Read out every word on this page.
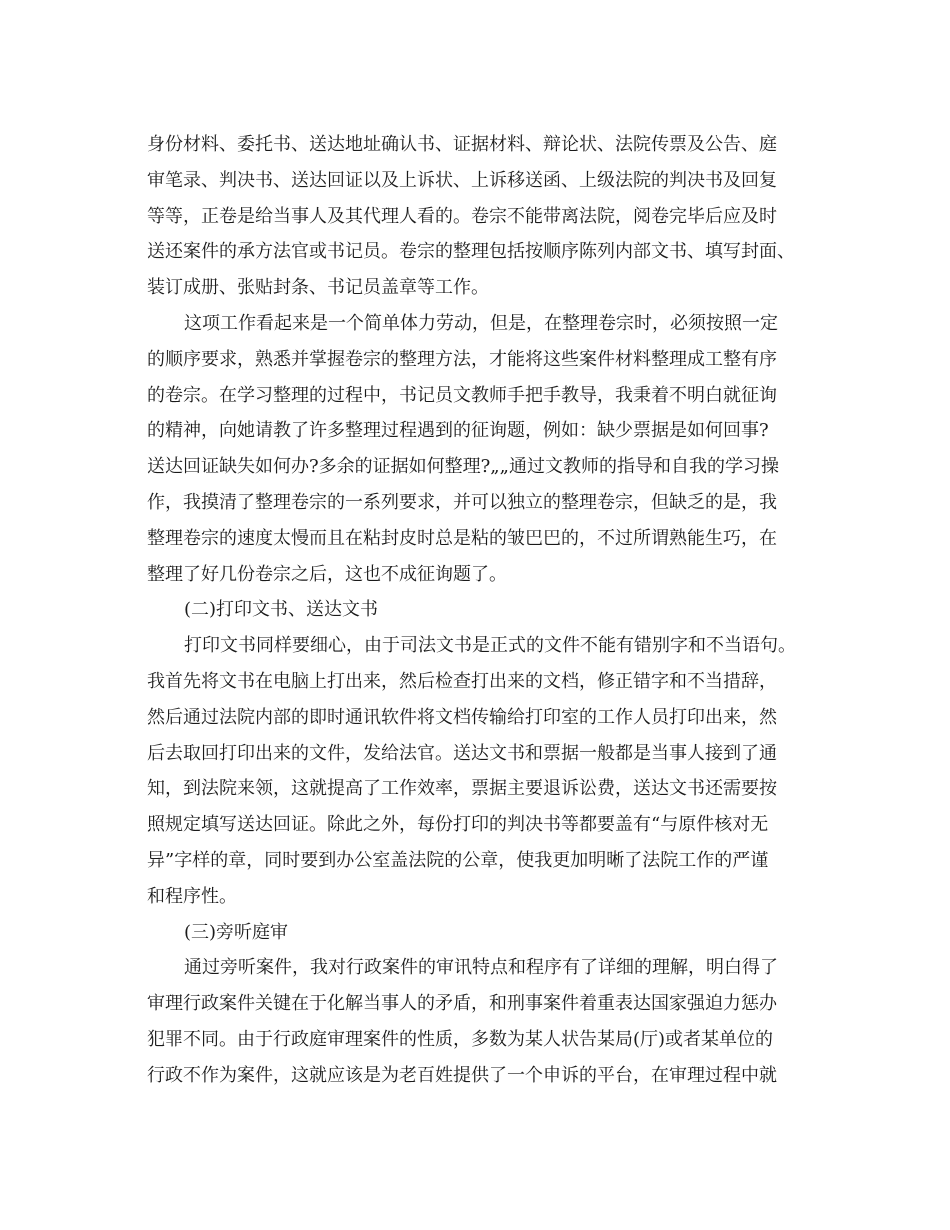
身份材料、委托书、送达地址确认书、证据材料、辩论状、法院传票及公告、庭
审笔录、判决书、送达回证以及上诉状、上诉移送函、上级法院的判决书及回复
等等，正卷是给当事人及其代理人看的。卷宗不能带离法院，阅卷完毕后应及时
送还案件的承方法官或书记员。卷宗的整理包括按顺序陈列内部文书、填写封面、
装订成册、张贴封条、书记员盖章等工作。
这项工作看起来是一个简单体力劳动，但是，在整理卷宗时，必须按照一定
的顺序要求，熟悉并掌握卷宗的整理方法，才能将这些案件材料整理成工整有序
的卷宗。在学习整理的过程中，书记员文教师手把手教导，我秉着不明白就征询
的精神，向她请教了许多整理过程遇到的征询题，例如：缺少票据是如何回事?
送达回证缺失如何办?多余的证据如何整理?„„通过文教师的指导和自我的学习操
作，我摸清了整理卷宗的一系列要求，并可以独立的整理卷宗，但缺乏的是，我
整理卷宗的速度太慢而且在粘封皮时总是粘的皱巴巴的，不过所谓熟能生巧，在
整理了好几份卷宗之后，这也不成征询题了。
(二)打印文书、送达文书
打印文书同样要细心，由于司法文书是正式的文件不能有错别字和不当语句。
我首先将文书在电脑上打出来，然后检查打出来的文档，修正错字和不当措辞，
然后通过法院内部的即时通讯软件将文档传输给打印室的工作人员打印出来，然
后去取回打印出来的文件，发给法官。送达文书和票据一般都是当事人接到了通
知，到法院来领，这就提高了工作效率，票据主要退诉讼费，送达文书还需要按
照规定填写送达回证。除此之外，每份打印的判决书等都要盖有“与原件核对无
异”字样的章，同时要到办公室盖法院的公章，使我更加明晰了法院工作的严谨
和程序性。
(三)旁听庭审
通过旁听案件，我对行政案件的审讯特点和程序有了详细的理解，明白得了
审理行政案件关键在于化解当事人的矛盾，和刑事案件着重表达国家强迫力惩办
犯罪不同。由于行政庭审理案件的性质，多数为某人状告某局(厅)或者某单位的
行政不作为案件，这就应该是为老百姓提供了一个申诉的平台，在审理过程中就
